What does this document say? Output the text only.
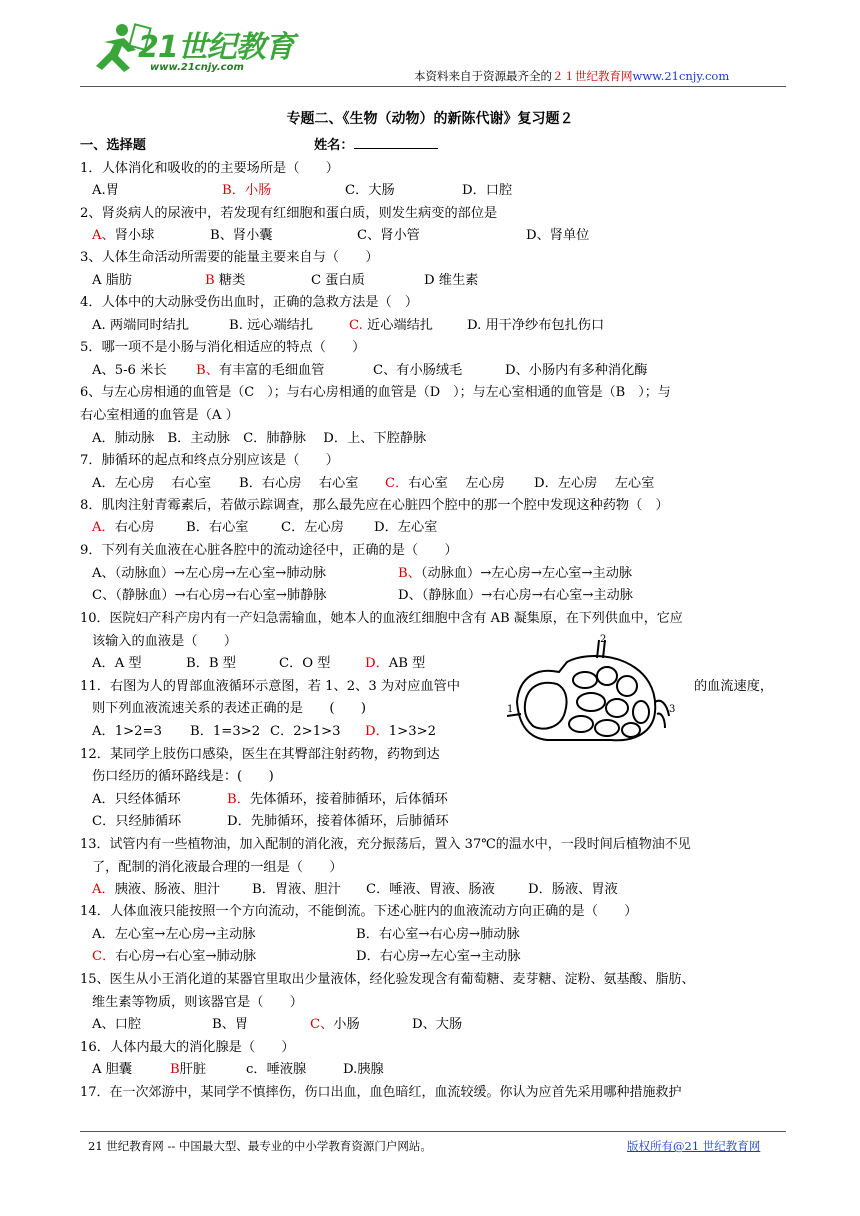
21世纪教育
www.21cnjy.com
本资料来自于资源最齐全的２１世纪教育网www.21cnjy.com
专题二、《生物（动物）的新陈代谢》复习题２
一、选择题	姓名：
1．人体消化和吸收的的主要场所是（　　）
A.胃	B．小肠	C．大肠	D．口腔
2、肾炎病人的尿液中，若发现有红细胞和蛋白质，则发生病变的部位是
A、肾小球	B、肾小囊	C、肾小管	D、肾单位
3、人体生命活动所需要的能量主要来自与（　　）
A 脂肪	B 糖类	C 蛋白质	D 维生素
4．人体中的大动脉受伤出血时，正确的急救方法是（　）
A. 两端同时结扎	B. 远心端结扎	C. 近心端结扎	D. 用干净纱布包扎伤口
5．哪一项不是小肠与消化相适应的特点（　　）
A、5-6 米长 B、有丰富的毛细血管	C、有小肠绒毛	D、小肠内有多种消化酶
6、与左心房相通的血管是（C　）；与右心房相通的血管是（D　）；与左心室相通的血管是（B　）；与
右心室相通的血管是（A ）
A．肺动脉　B．主动脉　C．肺静脉　 D．上、下腔静脉
7．肺循环的起点和终点分别应该是（　　）
A．左心房　 右心室 B．右心房　 右心室 C．右心室　 左心房 D．左心房　 左心室
8．肌肉注射青霉素后，若做示踪调查，那么最先应在心脏四个腔中的那一个腔中发现这种药物（　）
A．右心房 B．右心室 C．左心房 D．左心室
9．下列有关血液在心脏各腔中的流动途径中，正确的是（　　）
A、（动脉血）→左心房→左心室→肺动脉	B、（动脉血）→左心房→左心室→主动脉
C、（静脉血）→右心房→右心室→肺静脉	D、（静脉血）→右心房→右心室→主动脉
10．医院妇产科产房内有一产妇急需输血，她本人的血液红细胞中含有 AB 凝集原，在下列供血中，它应
该输入的血液是（　　）
A．A 型	B．B 型	C．O 型	D．AB 型
11．右图为人的胃部血液循环示意图，若 1、2、3 为对应血管中	的血流速度，
则下列血液流速关系的表述正确的是　　(　　)
A．1>2=3 B．1=3>2 C．2>1>3 D．1>3>2
2
1	3
12．某同学上肢伤口感染，医生在其臀部注射药物，药物到达
伤口经历的循环路线是：(　　)
A．只经体循环	B．先体循环，接着肺循环，后体循环
C．只经肺循环	D．先肺循环，接着体循环，后肺循环
13．试管内有一些植物油，加入配制的消化液，充分振荡后，置入 37℃的温水中，一段时间后植物油不见
了，配制的消化液最合理的一组是（　　）
A．胰液、肠液、胆汁 B．胃液、胆汁 C．唾液、胃液、肠液	D．肠液、胃液
14．人体血液只能按照一个方向流动，不能倒流。下述心脏内的血液流动方向正确的是（　　）
A．左心室→左心房→主动脉	B．右心室→右心房→肺动脉
C．右心房→右心室→肺动脉	D．右心房→左心室→主动脉
15、医生从小王消化道的某器官里取出少量液体，经化验发现含有葡萄糖、麦芽糖、淀粉、氨基酸、脂肪、
维生素等物质，则该器官是（　　）
A、口腔	B、胃	C、小肠	D、大肠
16．人体内最大的消化腺是（　　）
A 胆囊	B肝脏	c．唾液腺	D.胰腺
17．在一次郊游中，某同学不慎摔伤，伤口出血，血色暗红，血流较缓。你认为应首先采用哪种措施救护
21 世纪教育网 -- 中国最大型、最专业的中小学教育资源门户网站。	版权所有@21 世纪教育网
